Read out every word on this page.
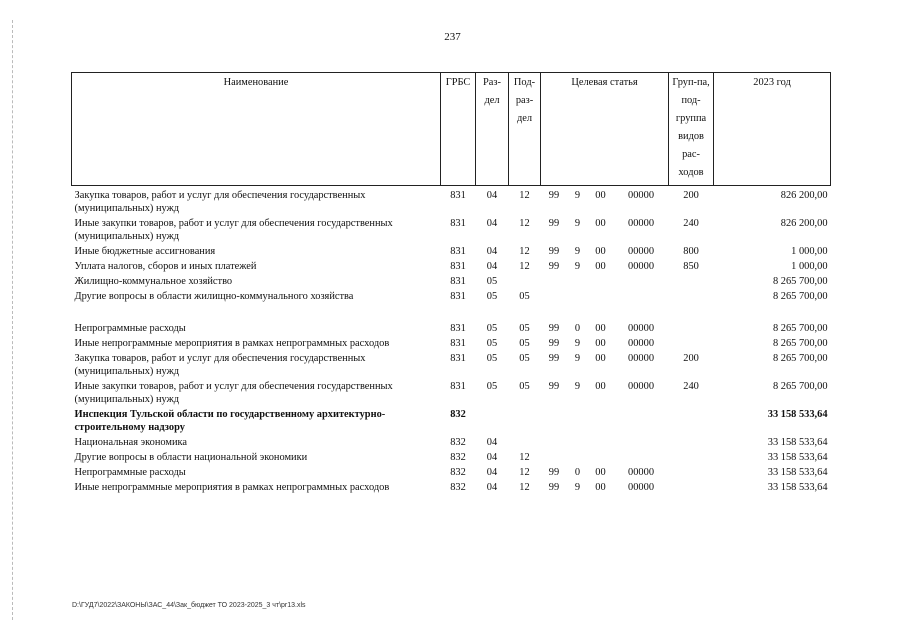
237
Наименование	ГРБС	Раз-дел	Под-раз-дел	Целевая статья				Груп-па, под-группа видов рас-ходов	2023 год
Закупка товаров, работ и услуг для обеспечения государственных (муниципальных) нужд	831	04	12	99	9	00	00000	200	826 200,00
Иные закупки товаров, работ и услуг для обеспечения государственных (муниципальных) нужд	831	04	12	99	9	00	00000	240	826 200,00
Иные бюджетные ассигнования	831	04	12	99	9	00	00000	800	1 000,00
Уплата налогов, сборов и иных платежей	831	04	12	99	9	00	00000	850	1 000,00
Жилищно-коммунальное хозяйство	831	05							8 265 700,00
Другие вопросы в области жилищно-коммунального хозяйства	831	05	05						8 265 700,00

Непрограммные расходы	831	05	05	99	0	00	00000		8 265 700,00
Иные непрограммные мероприятия в рамках непрограммных расходов	831	05	05	99	9	00	00000		8 265 700,00
Закупка товаров, работ и услуг для обеспечения государственных (муниципальных) нужд	831	05	05	99	9	00	00000	200	8 265 700,00
Иные закупки товаров, работ и услуг для обеспечения государственных (муниципальных) нужд	831	05	05	99	9	00	00000	240	8 265 700,00
Инспекция Тульской области по государственному архитектурно-строительному надзору	832								33 158 533,64
Национальная экономика	832	04							33 158 533,64
Другие вопросы в области национальной экономики	832	04	12						33 158 533,64
Непрограммные расходы	832	04	12	99	0	00	00000		33 158 533,64
Иные непрограммные мероприятия в рамках непрограммных расходов	832	04	12	99	9	00	00000		33 158 533,64
D:\ГУД7\2022\ЗАКОНЫ\ЗАС_44\Зак_бюджет ТО 2023-2025_3 чт\pr13.xls
